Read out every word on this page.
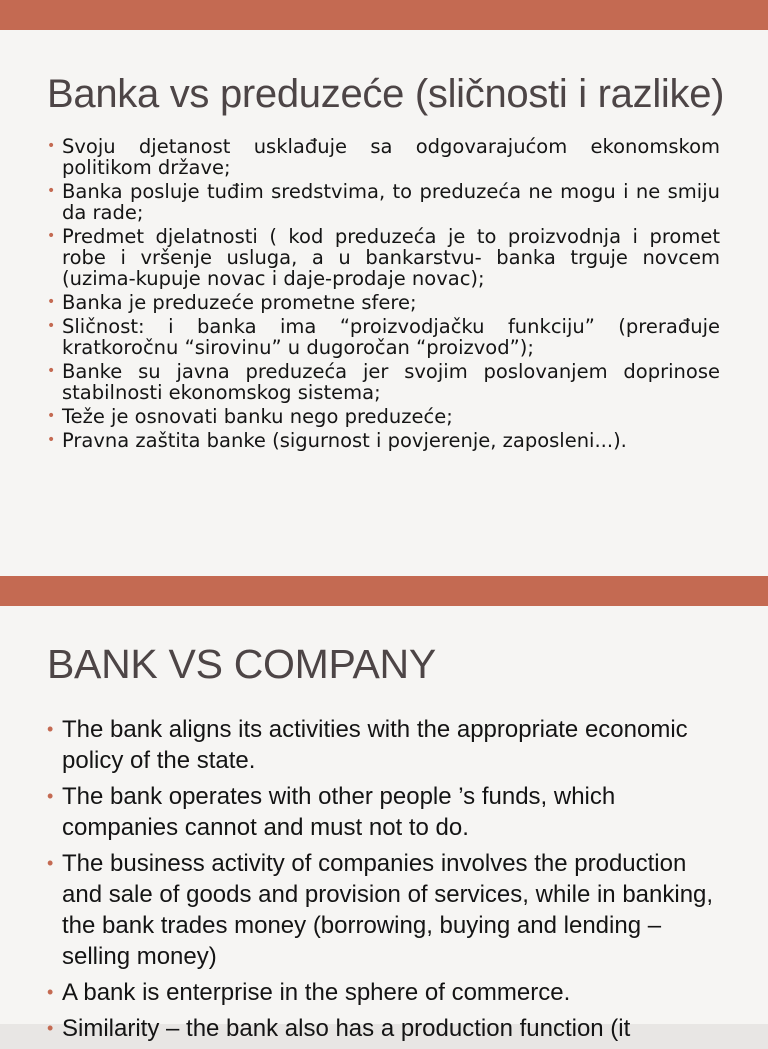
Banka vs preduzeće (sličnosti i razlike)
• Svoju djetanost usklađuje sa odgovarajućom ekonomskom politikom države;
• Banka posluje tuđim sredstvima, to preduzeća ne mogu i ne smiju da rade;
• Predmet djelatnosti ( kod preduzeća je to proizvodnja i promet robe i vršenje usluga, a u bankarstvu- banka trguje novcem (uzima-kupuje novac i daje-prodaje novac);
• Banka je preduzeće prometne sfere;
• Sličnost: i banka ima “proizvodjačku funkciju” (prerađuje kratkoročnu “sirovinu” u dugoročan “proizvod”);
• Banke su javna preduzeća jer svojim poslovanjem doprinose stabilnosti ekonomskog sistema;
• Teže je osnovati banku nego preduzeće;
• Pravna zaštita banke (sigurnost i povjerenje, zaposleni...).
BANK VS COMPANY
• The bank aligns its activities with the appropriate economic policy of the state.
• The bank operates with other people ’s funds, which companies cannot and must not to do.
• The business activity of companies involves the production and sale of goods and provision of services, while in banking, the bank trades money (borrowing, buying and lending – selling money)
• A bank is enterprise in the sphere of commerce.
• Similarity – the bank also has a production function (it
